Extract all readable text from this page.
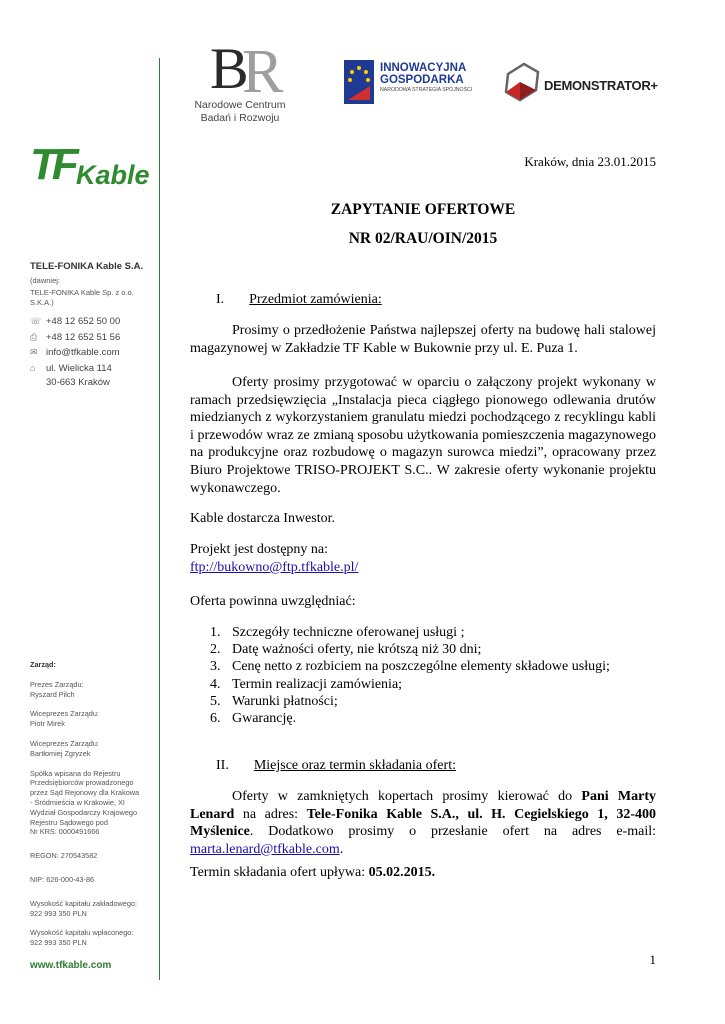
B
R
Narodowe Centrum Badań i Rozwoju
INNOWACYJNA
GOSPODARKA
NARODOWA STRATEGIA SPÓJNOŚCI	DEMONSTRATOR+
TF Kable
TELE-FONIKA Kable S.A.
(dawniej:
TELE-FONIKA Kable Sp. z o.o. S.K.A.)
☏ +48 12 652 50 00
⎙ +48 12 652 51 56
✉ info@tfkable.com
⌂ ul. Wielicka 114
30-663 Kraków
Zarząd:
Prezes Zarządu:
Ryszard Pilch
Wiceprezes Zarządu:
Piotr Mirek
Wiceprezes Zarządu:
Bartłomiej Zgryzek
Spółka wpisana do Rejestru
Przedsiębiorców prowadzonego
przez Sąd Rejonowy dla Krakowa
- Śródmieścia w Krakowie, XI
Wydział Gospodarczy Krajowego
Rejestru Sądowego pod
Nr KRS: 0000491666
REGON: 270543582
NIP: 626-000-43-86
Wysokość kapitału zakładowego:
922 993 350 PLN
Wysokość kapitału wpłaconego:
922 993 350 PLN
www.tfkable.com
Kraków, dnia 23.01.2015
ZAPYTANIE OFERTOWE
NR 02/RAU/OIN/2015
I. Przedmiot zamówienia:
Prosimy o przedłożenie Państwa najlepszej oferty na budowę hali stalowej magazynowej w Zakładzie TF Kable w Bukownie przy ul. E. Puza 1.
Oferty prosimy przygotować w oparciu o załączony projekt wykonany w ramach przedsięwzięcia „Instalacja pieca ciągłego pionowego odlewania drutów miedzianych z wykorzystaniem granulatu miedzi pochodzącego z recyklingu kabli i przewodów wraz ze zmianą sposobu użytkowania pomieszczenia magazynowego na produkcyjne oraz rozbudowę o magazyn surowca miedzi”, opracowany przez Biuro Projektowe TRISO-PROJEKT S.C.. W zakresie oferty wykonanie projektu wykonawczego.
Kable dostarcza Inwestor.
Projekt jest dostępny na:
ftp://bukowno@ftp.tfkable.pl/
Oferta powinna uwzględniać:
1. Szczegóły techniczne oferowanej usługi ;
2. Datę ważności oferty, nie krótszą niż 30 dni;
3. Cenę netto z rozbiciem na poszczególne elementy składowe usługi;
4. Termin realizacji zamówienia;
5. Warunki płatności;
6. Gwarancję.
II. Miejsce oraz termin składania ofert:
Oferty w zamkniętych kopertach prosimy kierować do Pani Marty Lenard na adres: Tele-Fonika Kable S.A., ul. H. Cegielskiego 1, 32-400 Myślenice. Dodatkowo prosimy o przesłanie ofert na adres e-mail: marta.lenard@tfkable.com.
Termin składania ofert upływa: 05.02.2015.
1
